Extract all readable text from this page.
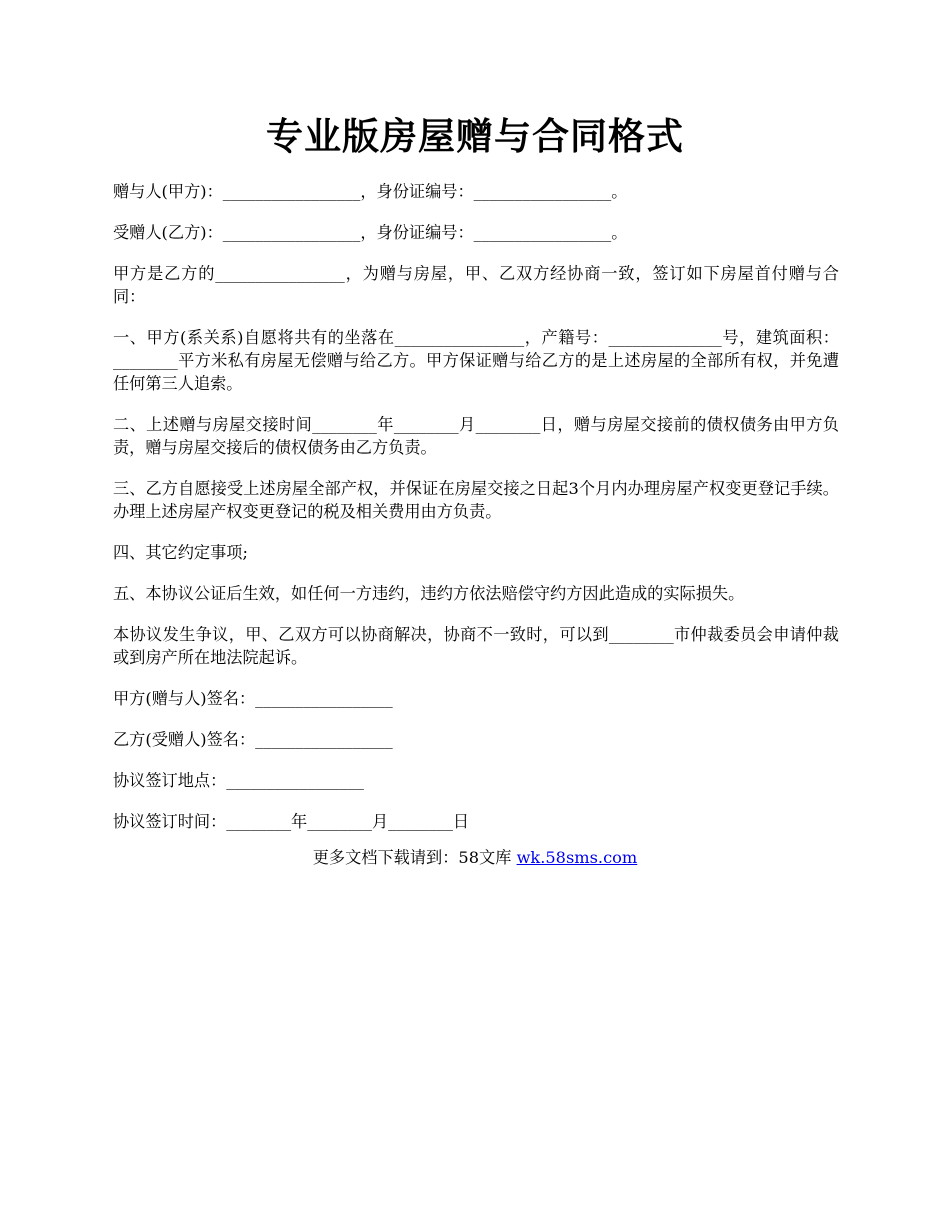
专业版房屋赠与合同格式

赠与人(甲方)：_________________，身份证编号：_________________。

受赠人(乙方)：_________________，身份证编号：_________________。

甲方是乙方的________________，为赠与房屋，甲、乙双方经协商一致，签订如下房屋首付赠与合同：

一、甲方(系关系)自愿将共有的坐落在________________，产籍号：______________号，建筑面积：________平方米私有房屋无偿赠与给乙方。甲方保证赠与给乙方的是上述房屋的全部所有权，并免遭任何第三人追索。

二、上述赠与房屋交接时间________年________月________日，赠与房屋交接前的债权债务由甲方负责，赠与房屋交接后的债权债务由乙方负责。

三、乙方自愿接受上述房屋全部产权，并保证在房屋交接之日起3个月内办理房屋产权变更登记手续。办理上述房屋产权变更登记的税及相关费用由方负责。

四、其它约定事项;

五、本协议公证后生效，如任何一方违约，违约方依法赔偿守约方因此造成的实际损失。

本协议发生争议，甲、乙双方可以协商解决，协商不一致时，可以到________市仲裁委员会申请仲裁或到房产所在地法院起诉。

甲方(赠与人)签名：_________________

乙方(受赠人)签名：_________________

协议签订地点：_________________

协议签订时间：________年________月________日

更多文档下载请到：58文库 wk.58sms.com
